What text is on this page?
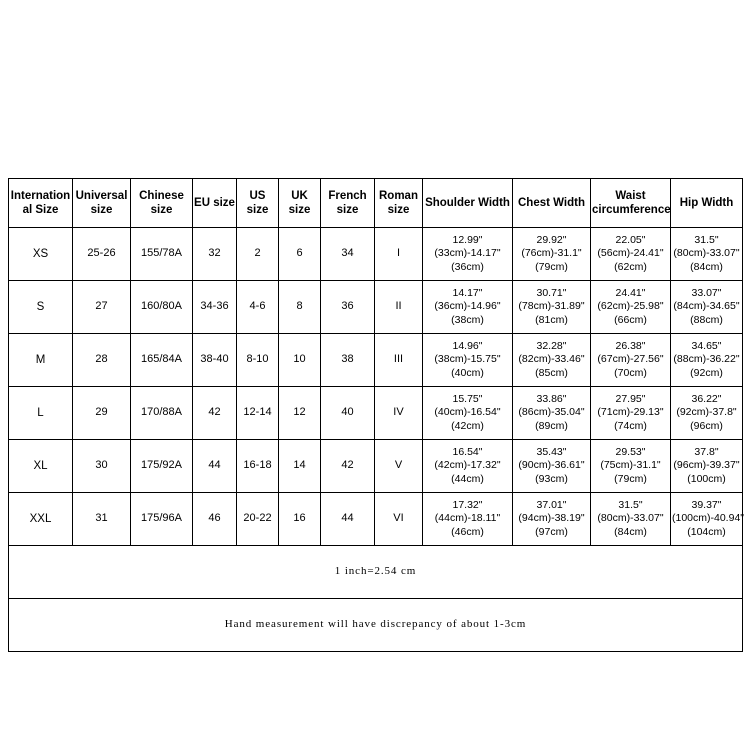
Internation al Size	Universal size	Chinese size	EU size	US size	UK size	French size	Roman size	Shoulder Width	Chest Width	Waist circumference	Hip Width
XS	25-26	155/78A	32	2	6	34	I	12.99"(33cm)-14.17"(36cm)	29.92"(76cm)-31.1"(79cm)	22.05"(56cm)-24.41"(62cm)	31.5"(80cm)-33.07"(84cm)
S	27	160/80A	34-36	4-6	8	36	II	14.17"(36cm)-14.96"(38cm)	30.71"(78cm)-31.89"(81cm)	24.41"(62cm)-25.98"(66cm)	33.07"(84cm)-34.65"(88cm)
M	28	165/84A	38-40	8-10	10	38	III	14.96"(38cm)-15.75"(40cm)	32.28"(82cm)-33.46"(85cm)	26.38"(67cm)-27.56"(70cm)	34.65"(88cm)-36.22"(92cm)
L	29	170/88A	42	12-14	12	40	IV	15.75"(40cm)-16.54"(42cm)	33.86"(86cm)-35.04"(89cm)	27.95"(71cm)-29.13"(74cm)	36.22"(92cm)-37.8"(96cm)
XL	30	175/92A	44	16-18	14	42	V	16.54"(42cm)-17.32"(44cm)	35.43"(90cm)-36.61"(93cm)	29.53"(75cm)-31.1"(79cm)	37.8"(96cm)-39.37"(100cm)
XXL	31	175/96A	46	20-22	16	44	VI	17.32"(44cm)-18.11"(46cm)	37.01"(94cm)-38.19"(97cm)	31.5"(80cm)-33.07"(84cm)	39.37"(100cm)-40.94"(104cm)
1 inch=2.54 cm											
Hand measurement will have discrepancy of about 1-3cm											
